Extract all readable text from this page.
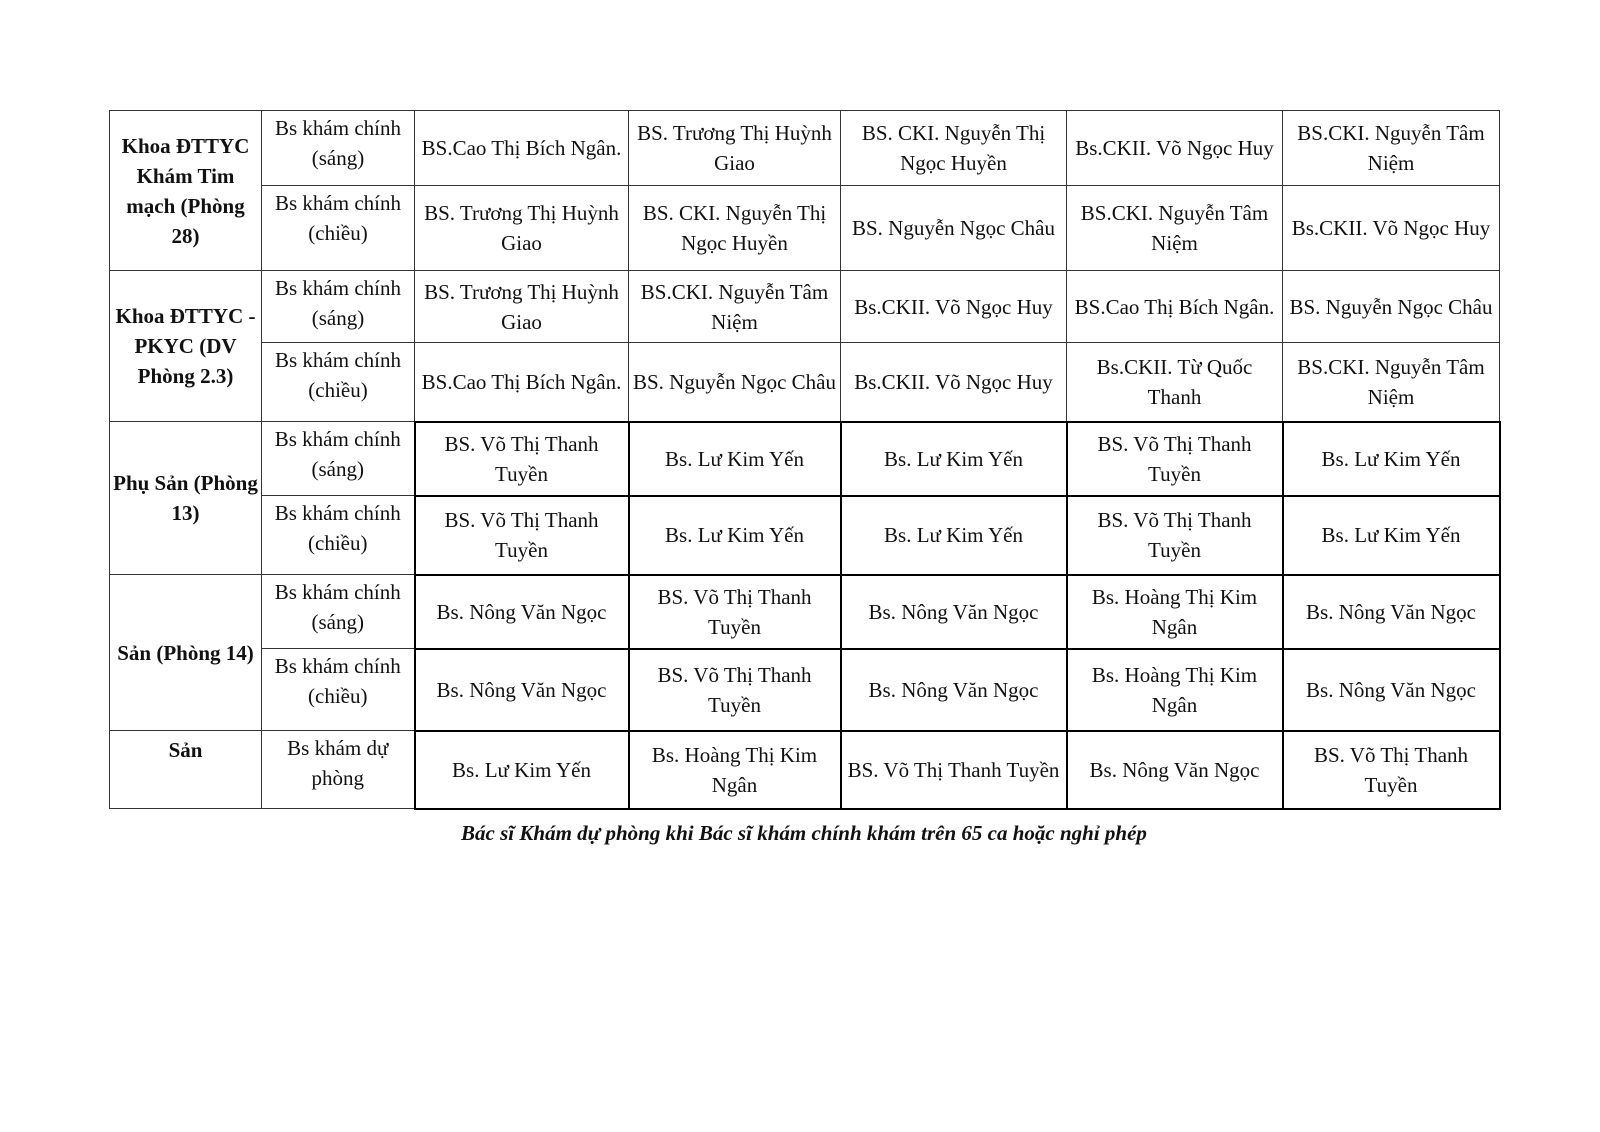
Khoa ĐTTYC Khám Tim mạch (Phòng 28)	Bs khám chính (sáng)	BS.Cao Thị Bích Ngân.	BS. Trương Thị Huỳnh Giao	BS. CKI. Nguyễn Thị Ngọc Huyền	Bs.CKII. Võ Ngọc Huy	BS.CKI. Nguyễn Tâm Niệm
	Bs khám chính (chiều)	BS. Trương Thị Huỳnh Giao	BS. CKI. Nguyễn Thị Ngọc Huyền	BS. Nguyễn Ngọc Châu	BS.CKI. Nguyễn Tâm Niệm	Bs.CKII. Võ Ngọc Huy
Khoa ĐTTYC - PKYC (DV Phòng 2.3)	Bs khám chính (sáng)	BS. Trương Thị Huỳnh Giao	BS.CKI. Nguyễn Tâm Niệm	Bs.CKII. Võ Ngọc Huy	BS.Cao Thị Bích Ngân.	BS. Nguyễn Ngọc Châu
	Bs khám chính (chiều)	BS.Cao Thị Bích Ngân.	BS. Nguyễn Ngọc Châu	Bs.CKII. Võ Ngọc Huy	Bs.CKII. Từ Quốc Thanh	BS.CKI. Nguyễn Tâm Niệm
Phụ Sản (Phòng 13)	Bs khám chính (sáng)	BS. Võ Thị Thanh Tuyền	Bs. Lư Kim Yến	Bs. Lư Kim Yến	BS. Võ Thị Thanh Tuyền	Bs. Lư Kim Yến
	Bs khám chính (chiều)	BS. Võ Thị Thanh Tuyền	Bs. Lư Kim Yến	Bs. Lư Kim Yến	BS. Võ Thị Thanh Tuyền	Bs. Lư Kim Yến
Sản (Phòng 14)	Bs khám chính (sáng)	Bs. Nông Văn Ngọc	BS. Võ Thị Thanh Tuyền	Bs. Nông Văn Ngọc	Bs. Hoàng Thị Kim Ngân	Bs. Nông Văn Ngọc
	Bs khám chính (chiều)	Bs. Nông Văn Ngọc	BS. Võ Thị Thanh Tuyền	Bs. Nông Văn Ngọc	Bs. Hoàng Thị Kim Ngân	Bs. Nông Văn Ngọc
Sản	Bs khám dự phòng	Bs. Lư Kim Yến	Bs. Hoàng Thị Kim Ngân	BS. Võ Thị Thanh Tuyền	Bs. Nông Văn Ngọc	BS. Võ Thị Thanh Tuyền
Bác sĩ Khám dự phòng khi Bác sĩ khám chính khám trên 65 ca hoặc nghỉ phép
